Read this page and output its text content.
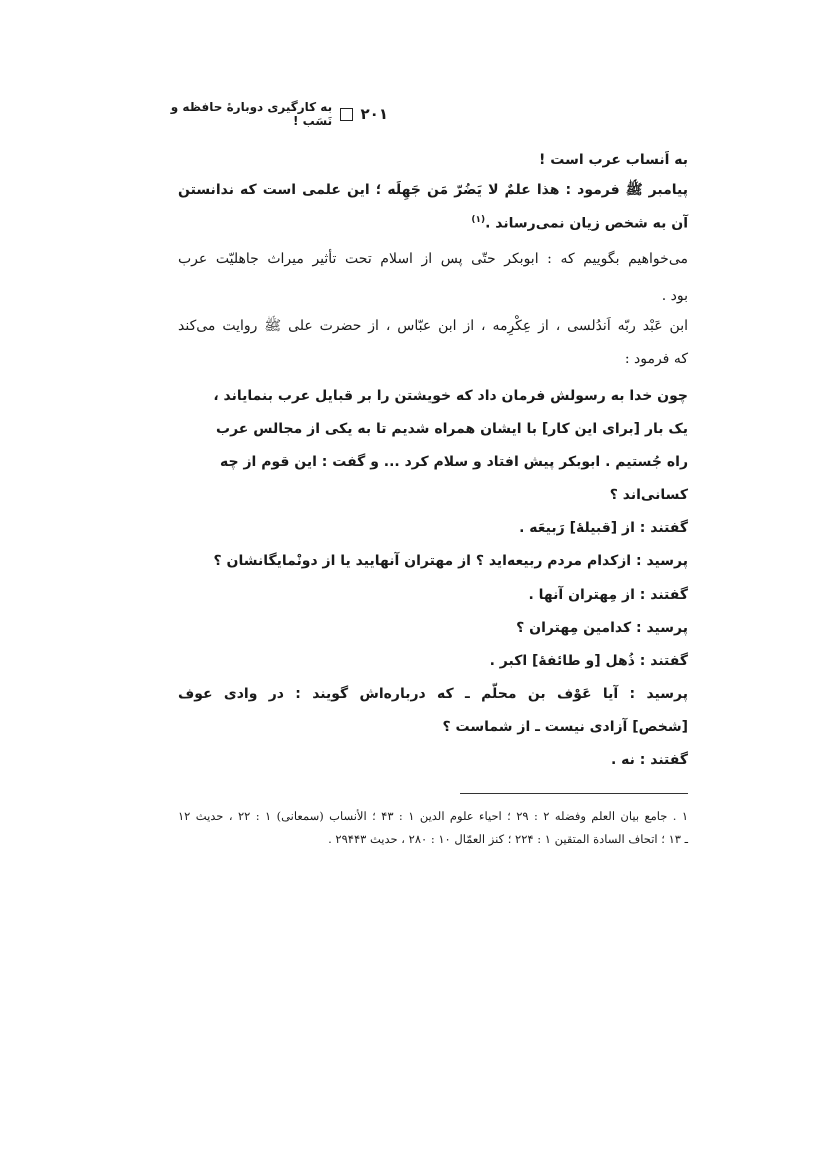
۲۰۱
به کارگیری دوبارهٔ حافظه و نَسَب !
به اَنساب عرب است !
پیامبر ﷺ فرمود : هذا علمٌ لا یَضُرّ مَن جَهِلَه ؛ این علمی است که ندانستن
آن به شخص زیان نمی‌رساند .$^{(۱)}$
می‌خواهیم بگوییم که : ابوبکر حتّی پس از اسلام تحت تأثیر میراث جاهلیّت عرب
بود .
ابن عَبْد ربّه اَندُلسی ، از عِکْرِمه ، از ابن عبّاس ، از حضرت علی ﷺ روایت می‌کند
که فرمود :
چون خدا به رسولش فرمان داد که خویشتن را بر قبایل عرب بنمایاند ،
یک بار [برای این کار] با ایشان همراه شدیم تا به یکی از مجالس عرب
راه جُستیم . ابوبکر پیش افتاد و سلام کرد ... و گفت : این قوم از چه
کسانی‌اند ؟
گفتند : از [قبیلهٔ] رَبیعَه .
پرسید : ازکدام مردم ربیعه‌اید ؟ از مهتران آنهایید یا از دونْمایگانشان ؟
گفتند : از مِهتران آنها .
پرسید : کدامین مِهتران ؟
گفتند : ذُهل [و طائفهٔ] اکبر .
پرسید : آیا عَوْف بن محلّم ـ که درباره‌اش گویند : در وادی عوف
[شخص] آزادی نیست ـ از شماست ؟
گفتند : نه .
۱ . جامع بیان العلم وفضله ۲ : ۲۹ ؛ احیاء علوم الدین ۱ : ۴۳ ؛ الأنساب (سمعانی) ۱ : ۲۲ ، حدیث ۱۲
ـ ۱۳ ؛ اتحاف السادة المتقین ۱ : ۲۲۴ ؛ کنز العمّال ۱۰ : ۲۸۰ ، حدیث ۲۹۴۴۳ .
